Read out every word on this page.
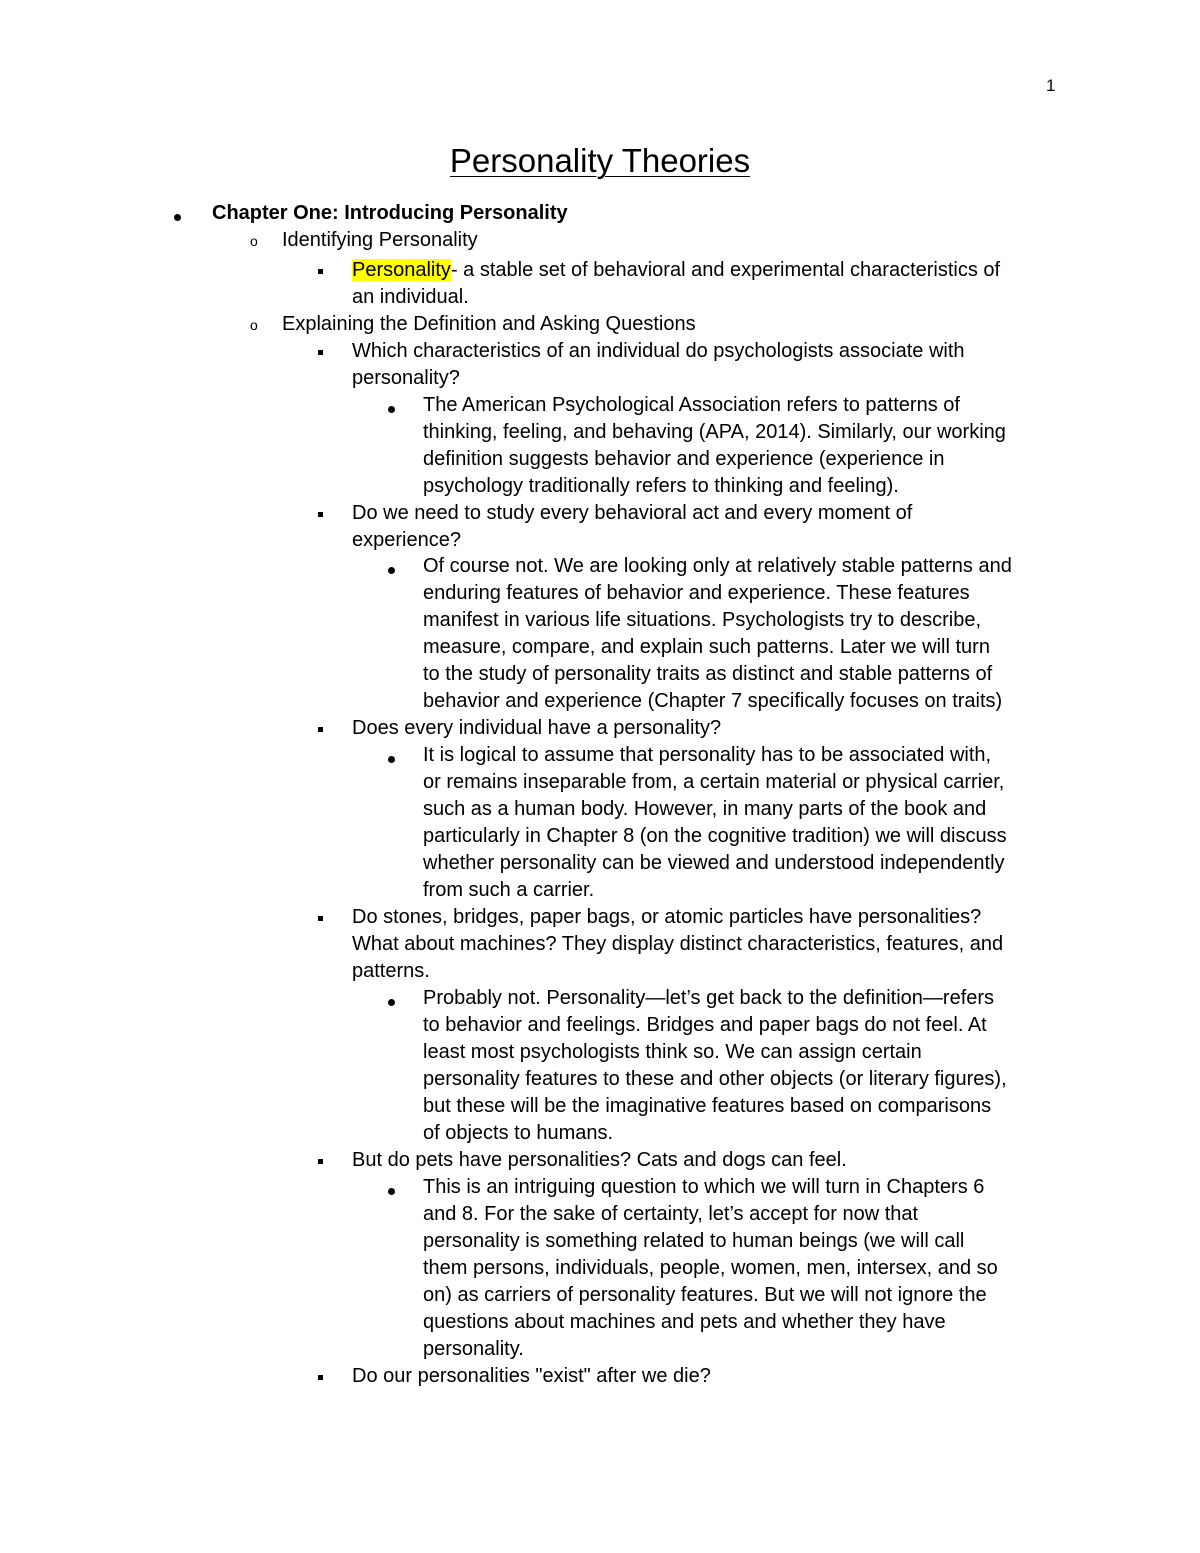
1
Personality Theories
Chapter One: Introducing Personality
o Identifying Personality
Personality- a stable set of behavioral and experimental characteristics of
an individual.
o Explaining the Definition and Asking Questions
Which characteristics of an individual do psychologists associate with
personality?
The American Psychological Association refers to patterns of
thinking, feeling, and behaving (APA, 2014). Similarly, our working
definition suggests behavior and experience (experience in
psychology traditionally refers to thinking and feeling).
Do we need to study every behavioral act and every moment of
experience?
Of course not. We are looking only at relatively stable patterns and
enduring features of behavior and experience. These features
manifest in various life situations. Psychologists try to describe,
measure, compare, and explain such patterns. Later we will turn
to the study of personality traits as distinct and stable patterns of
behavior and experience (Chapter 7 specifically focuses on traits)
Does every individual have a personality?
It is logical to assume that personality has to be associated with,
or remains inseparable from, a certain material or physical carrier,
such as a human body. However, in many parts of the book and
particularly in Chapter 8 (on the cognitive tradition) we will discuss
whether personality can be viewed and understood independently
from such a carrier.
Do stones, bridges, paper bags, or atomic particles have personalities?
What about machines? They display distinct characteristics, features, and
patterns.
Probably not. Personality—let’s get back to the definition—refers
to behavior and feelings. Bridges and paper bags do not feel. At
least most psychologists think so. We can assign certain
personality features to these and other objects (or literary figures),
but these will be the imaginative features based on comparisons
of objects to humans.
But do pets have personalities? Cats and dogs can feel.
This is an intriguing question to which we will turn in Chapters 6
and 8. For the sake of certainty, let’s accept for now that
personality is something related to human beings (we will call
them persons, individuals, people, women, men, intersex, and so
on) as carriers of personality features. But we will not ignore the
questions about machines and pets and whether they have
personality.
Do our personalities "exist" after we die?
